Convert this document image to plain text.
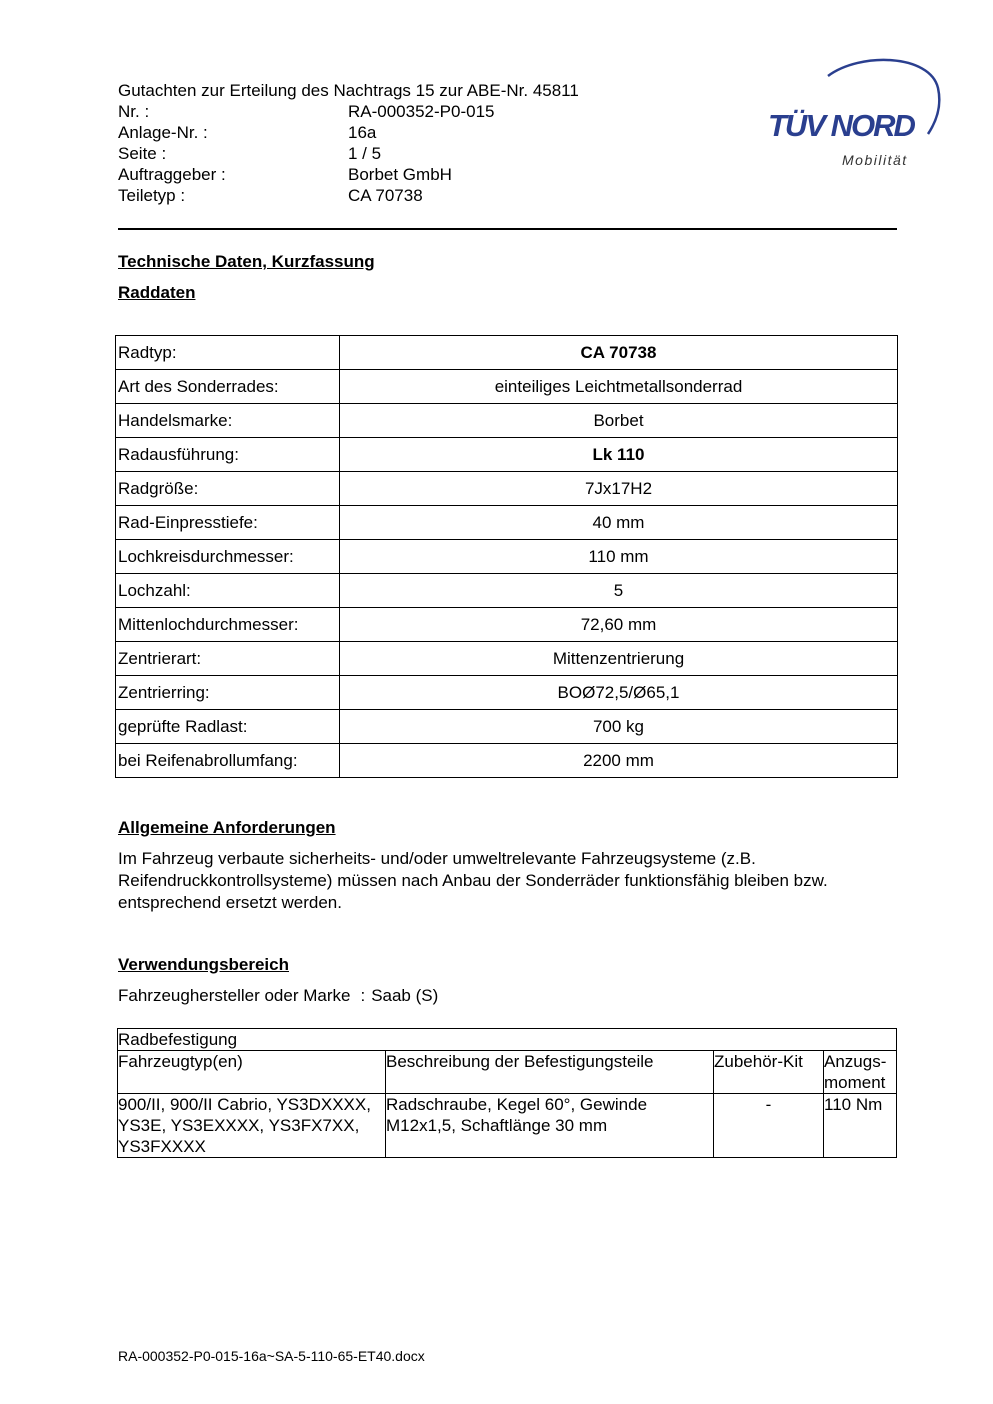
Gutachten zur Erteilung des Nachtrags 15 zur ABE-Nr. 45811
Nr. :	RA-000352-P0-015
Anlage-Nr. :	16a
Seite :	1 / 5
Auftraggeber :	Borbet GmbH
Teiletyp :	CA 70738
TÜV NORD
Mobilität
Technische Daten, Kurzfassung
Raddaten
Radtyp:	CA 70738
Art des Sonderrades:	einteiliges Leichtmetallsonderrad
Handelsmarke:	Borbet
Radausführung:	Lk 110
Radgröße:	7Jx17H2
Rad-Einpresstiefe:	40 mm
Lochkreisdurchmesser:	110 mm
Lochzahl:	5
Mittenlochdurchmesser:	72,60 mm
Zentrierart:	Mittenzentrierung
Zentrierring:	BOØ72,5/Ø65,1
geprüfte Radlast:	700 kg
bei Reifenabrollumfang:	2200 mm
Allgemeine Anforderungen
Im Fahrzeug verbaute sicherheits- und/oder umweltrelevante Fahrzeugsysteme (z.B. Reifendruckkontrollsysteme) müssen nach Anbau der Sonderräder funktionsfähig bleiben bzw. entsprechend ersetzt werden.
Verwendungsbereich
Fahrzeughersteller oder Marke : Saab (S)
Radbefestigung			
Fahrzeugtyp(en)	Beschreibung der Befestigungsteile	Zubehör-Kit	Anzugs-
moment
900/II, 900/II Cabrio, YS3DXXXX, YS3E, YS3EXXXX, YS3FX7XX, YS3FXXXX	Radschraube, Kegel 60°, Gewinde M12x1,5, Schaftlänge 30 mm	-	110 Nm
RA-000352-P0-015-16a~SA-5-110-65-ET40.docx
